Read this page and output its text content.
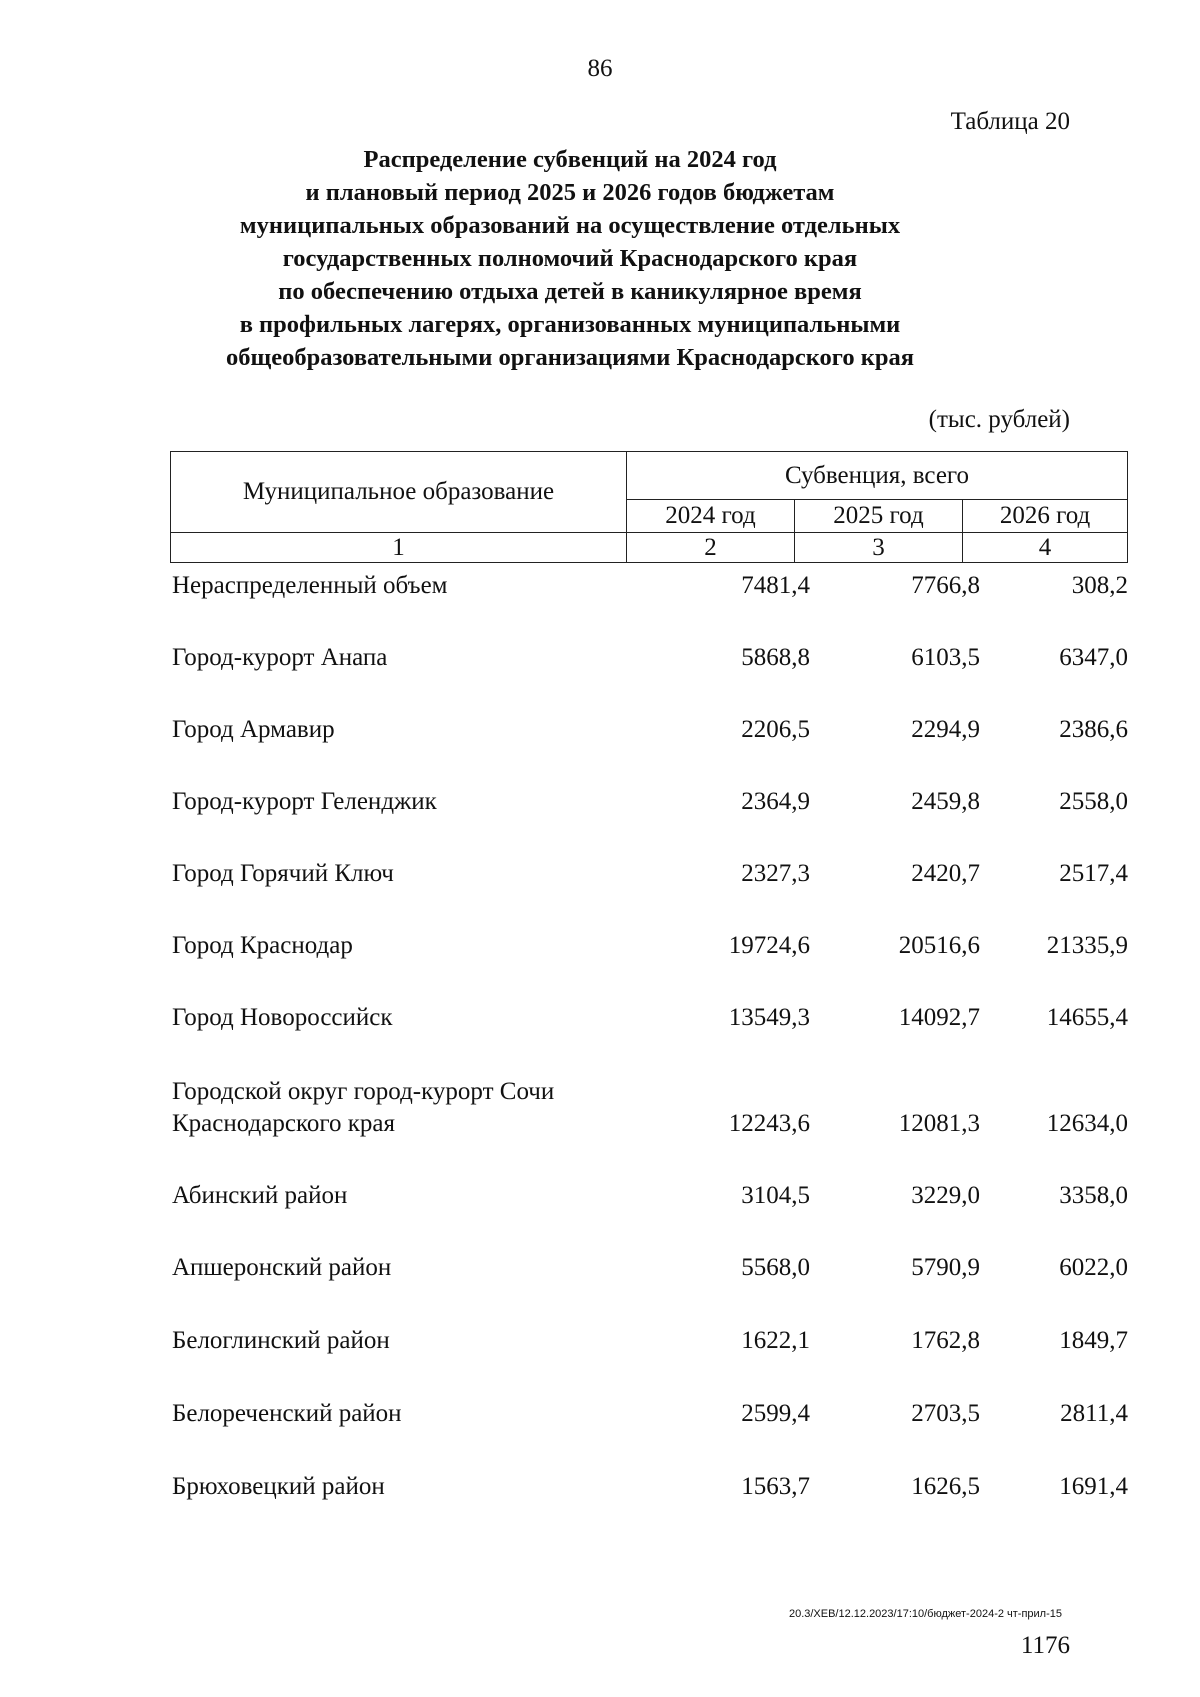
86
Таблица 20
Распределение субвенций на 2024 год
и плановый период 2025 и 2026 годов бюджетам
муниципальных образований на осуществление отдельных
государственных полномочий Краснодарского края
по обеспечению отдыха детей в каникулярное время
в профильных лагерях, организованных муниципальными
общеобразовательными организациями Краснодарского края
(тыс. рублей)
Муниципальное образование	Субвенция, всего		
	2024 год	2025 год	2026 год
1	2	3	4
Нераспределенный объем	7481,4	7766,8	308,2
Город-курорт Анапа	5868,8	6103,5	6347,0
Город Армавир	2206,5	2294,9	2386,6
Город-курорт Геленджик	2364,9	2459,8	2558,0
Город Горячий Ключ	2327,3	2420,7	2517,4
Город Краснодар	19724,6	20516,6	21335,9
Город Новороссийск	13549,3	14092,7	14655,4
Городской округ город-курорт Сочи
Краснодарского края	12243,6	12081,3	12634,0
Абинский район	3104,5	3229,0	3358,0
Апшеронский район	5568,0	5790,9	6022,0
Белоглинский район	1622,1	1762,8	1849,7
Белореченский район	2599,4	2703,5	2811,4
Брюховецкий район	1563,7	1626,5	1691,4
20.3/ХЕВ/12.12.2023/17:10/бюджет-2024-2 чт-прил-15
1176
